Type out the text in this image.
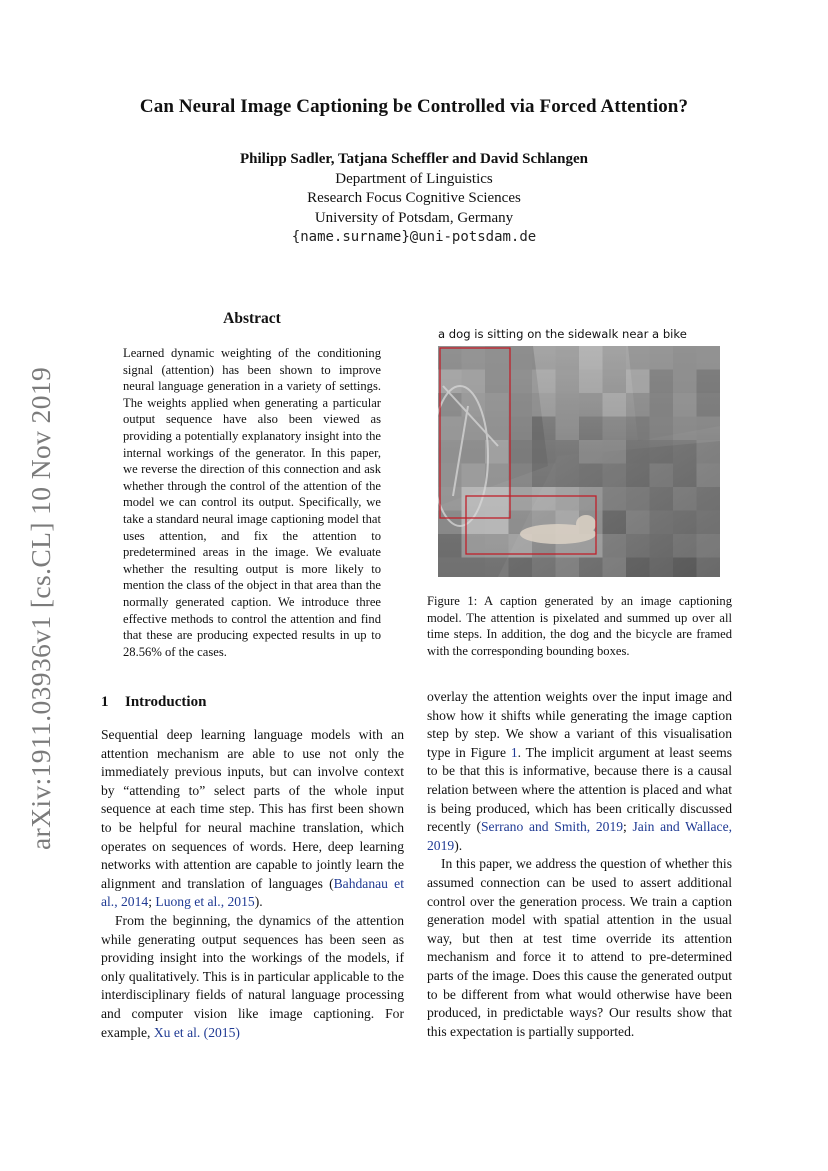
Can Neural Image Captioning be Controlled via Forced Attention?
Philipp Sadler, Tatjana Scheffler and David Schlangen
Department of Linguistics
Research Focus Cognitive Sciences
University of Potsdam, Germany
{name.surname}@uni-potsdam.de
arXiv:1911.03936v1 [cs.CL] 10 Nov 2019
Abstract
Learned dynamic weighting of the conditioning signal (attention) has been shown to improve neural language generation in a variety of settings. The weights applied when generating a particular output sequence have also been viewed as providing a potentially explanatory insight into the internal workings of the generator. In this paper, we reverse the direction of this connection and ask whether through the control of the attention of the model we can control its output. Specifically, we take a standard neural image captioning model that uses attention, and fix the attention to predetermined areas in the image. We evaluate whether the resulting output is more likely to mention the class of the object in that area than the normally generated caption. We introduce three effective methods to control the attention and find that these are producing expected results in up to 28.56% of the cases.
a dog is sitting on the sidewalk near a bike
Figure 1: A caption generated by an image captioning model. The attention is pixelated and summed up over all time steps. In addition, the dog and the bicycle are framed with the corresponding bounding boxes.
1 Introduction

Sequential deep learning language models with an attention mechanism are able to use not only the immediately previous inputs, but can involve context by “attending to” select parts of the whole input sequence at each time step. This has first been shown to be helpful for neural machine translation, which operates on sequences of words. Here, deep learning networks with attention are capable to jointly learn the alignment and translation of languages (Bahdanau et al., 2014; Luong et al., 2015).

From the beginning, the dynamics of the attention while generating output sequences has been seen as providing insight into the workings of the models, if only qualitatively. This is in particular applicable to the interdisciplinary fields of natural language processing and computer vision like image captioning. For example, Xu et al. (2015)

overlay the attention weights over the input image and show how it shifts while generating the image caption step by step. We show a variant of this visualisation type in Figure 1. The implicit argument at least seems to be that this is informative, because there is a causal relation between where the attention is placed and what is being produced, which has been critically discussed recently (Serrano and Smith, 2019; Jain and Wallace, 2019).

In this paper, we address the question of whether this assumed connection can be used to assert additional control over the generation process. We train a caption generation model with spatial attention in the usual way, but then at test time override its attention mechanism and force it to attend to pre-determined parts of the image. Does this cause the generated output to be different from what would otherwise have been produced, in predictable ways? Our results show that this expectation is partially supported.
